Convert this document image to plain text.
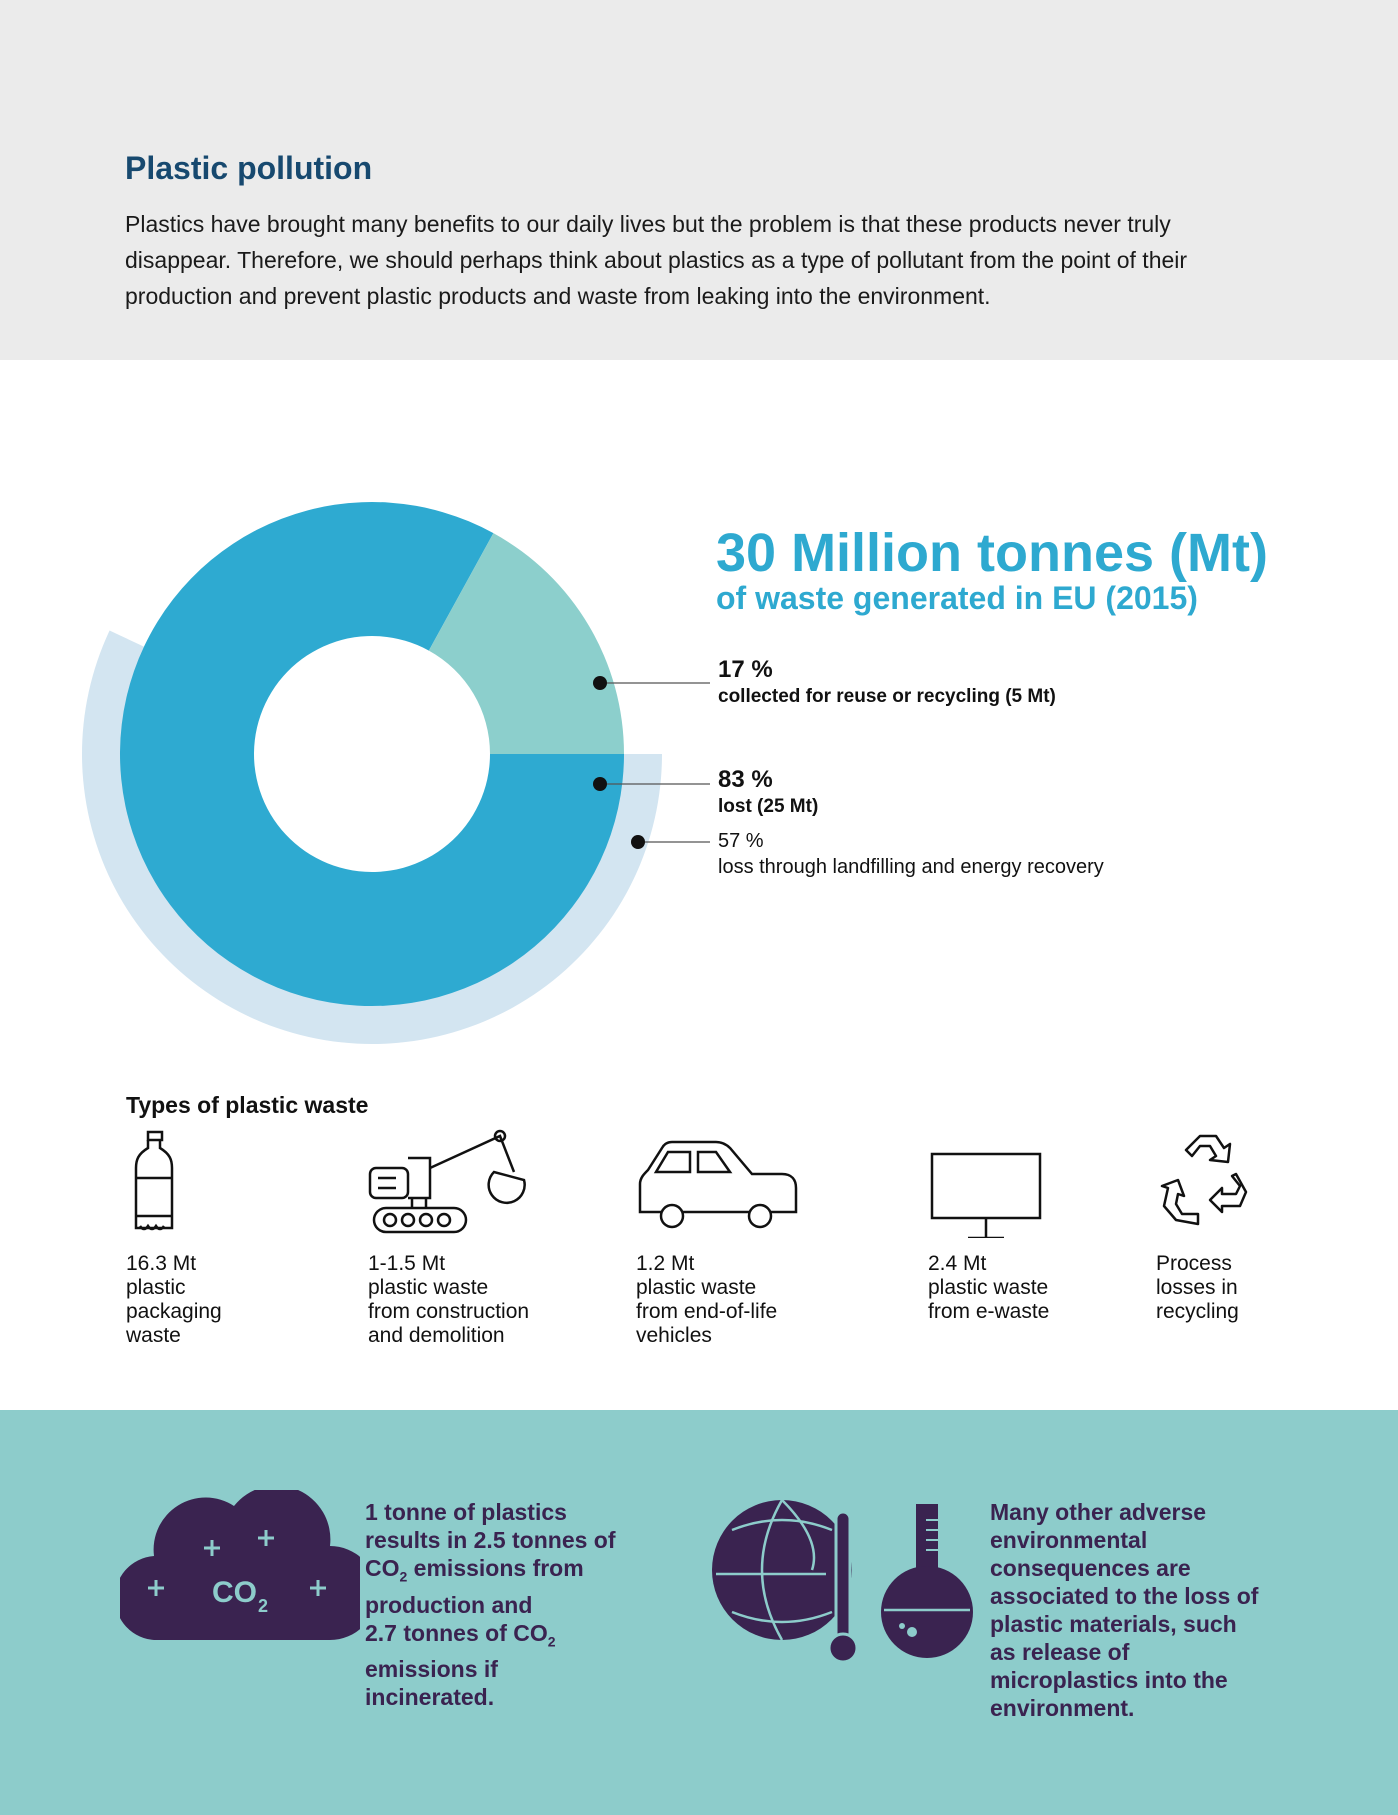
Plastic pollution

Plastics have brought many benefits to our daily lives but the problem is that these products never truly disappear. Therefore, we should perhaps think about plastics as a type of pollutant from the point of their production and prevent plastic products and waste from leaking into the environment.

30 Million tonnes (Mt)
of waste generated in EU (2015)
17 %
collected for reuse or recycling (5 Mt)
83 %
lost (25 Mt)
57 %
loss through landfilling and energy recovery
Types of plastic waste
16.3 Mt
plastic
packaging
waste
1-1.5 Mt
plastic waste
from construction
and demolition
1.2 Mt
plastic waste
from end-of-life
vehicles
2.4 Mt
plastic waste
from e-waste
Process
losses in
recycling
CO 2
1 tonne of plastics
results in 2.5 tonnes of
$CO_2$ emissions from
production and
2.7 tonnes of $CO_2$
emissions if
incinerated.
Many other adverse environmental consequences are associated to the loss of plastic materials, such as release of microplastics into the environment.
